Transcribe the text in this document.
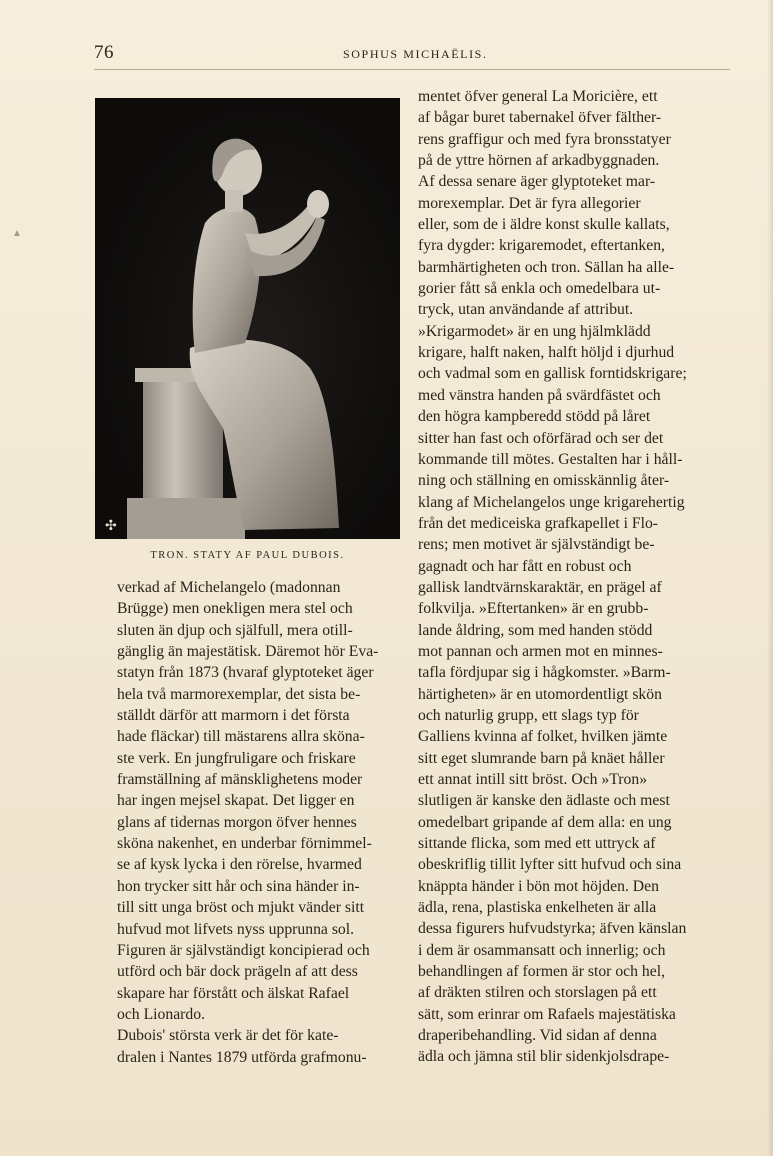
▲
76	SOPHUS MICHAËLIS.
✣
TRON. STATY AF PAUL DUBOIS.

verkad af Michelangelo (madonnan

Brügge) men onekligen mera stel och

sluten än djup och själfull, mera otill-

gänglig än majestätisk. Däremot hör Eva-

statyn från 1873 (hvaraf glyptoteket äger

hela två marmorexemplar, det sista be-

ställdt därför att marmorn i det första

hade fläckar) till mästarens allra sköna-

ste verk. En jungfruligare och friskare

framställning af mänsklighetens moder

har ingen mejsel skapat. Det ligger en

glans af tidernas morgon öfver hennes

sköna nakenhet, en underbar förnimmel-

se af kysk lycka i den rörelse, hvarmed

hon trycker sitt hår och sina händer in-

till sitt unga bröst och mjukt vänder sitt

hufvud mot lifvets nyss upprunna sol.

Figuren är självständigt koncipierad och

utförd och bär dock prägeln af att dess

skapare har förstått och älskat Rafael

och Lionardo.

Dubois' största verk är det för kate-

dralen i Nantes 1879 utförda grafmonu-

mentet öfver general La Moricière, ett

af bågar buret tabernakel öfver fälther-

rens graffigur och med fyra bronsstatyer

på de yttre hörnen af arkadbyggnaden.

Af dessa senare äger glyptoteket mar-

morexemplar. Det är fyra allegorier

eller, som de i äldre konst skulle kallats,

fyra dygder: krigaremodet, eftertanken,

barmhärtigheten och tron. Sällan ha alle-

gorier fått så enkla och omedelbara ut-

tryck, utan användande af attribut.

»Krigarmodet» är en ung hjälmklädd

krigare, halft naken, halft höljd i djurhud

och vadmal som en gallisk forntidskrigare;

med vänstra handen på svärdfästet och

den högra kampberedd stödd på låret

sitter han fast och oförfärad och ser det

kommande till mötes. Gestalten har i håll-

ning och ställning en omisskännlig åter-

klang af Michelangelos unge krigarehertig

från det mediceiska grafkapellet i Flo-

rens; men motivet är självständigt be-

gagnadt och har fått en robust och

gallisk landtvärnskaraktär, en prägel af

folkvilja. »Eftertanken» är en grubb-

lande åldring, som med handen stödd

mot pannan och armen mot en minnes-

tafla fördjupar sig i hågkomster. »Barm-

härtigheten» är en utomordentligt skön

och naturlig grupp, ett slags typ för

Galliens kvinna af folket, hvilken jämte

sitt eget slumrande barn på knäet håller

ett annat intill sitt bröst. Och »Tron»

slutligen är kanske den ädlaste och mest

omedelbart gripande af dem alla: en ung

sittande flicka, som med ett uttryck af

obeskriflig tillit lyfter sitt hufvud och sina

knäppta händer i bön mot höjden. Den

ädla, rena, plastiska enkelheten är alla

dessa figurers hufvudstyrka; äfven känslan

i dem är osammansatt och innerlig; och

behandlingen af formen är stor och hel,

af dräkten stilren och storslagen på ett

sätt, som erinrar om Rafaels majestätiska

draperibehandling. Vid sidan af denna

ädla och jämna stil blir sidenkjolsdrape-
